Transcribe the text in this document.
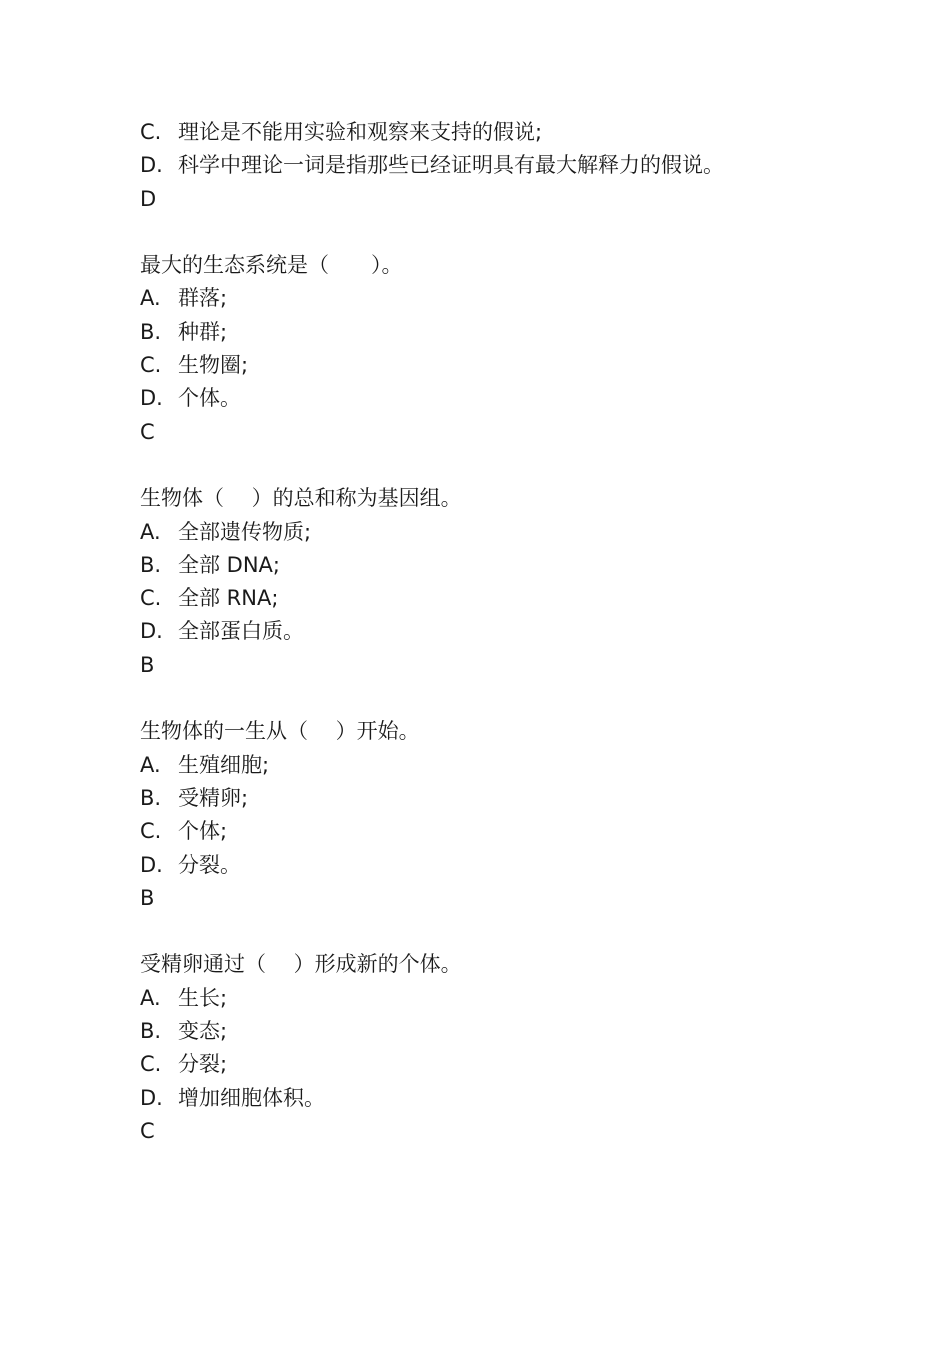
C. 理论是不能用实验和观察来支持的假说;
D. 科学中理论一词是指那些已经证明具有最大解释力的假说。
D
最大的生态系统是（　　）。
A. 群落;
B. 种群;
C. 生物圈;
D. 个体。
C
生物体（　 ）的总和称为基因组。
A. 全部遗传物质;
B. 全部 DNA;
C. 全部 RNA;
D. 全部蛋白质。
B
生物体的一生从（　 ）开始。
A. 生殖细胞;
B. 受精卵;
C. 个体;
D. 分裂。
B
受精卵通过（　 ）形成新的个体。
A. 生长;
B. 变态;
C. 分裂;
D. 增加细胞体积。
C
